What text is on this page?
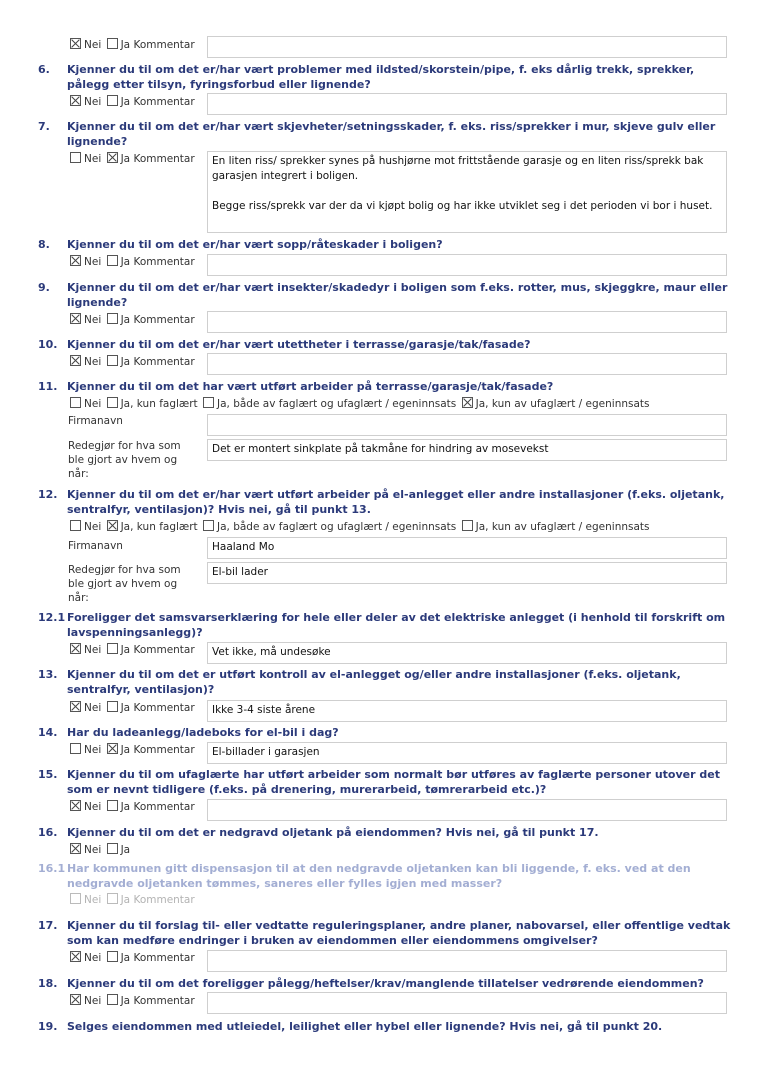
Nei Ja Kommentar
6. Kjenner du til om det er/har vært problemer med ildsted/skorstein/pipe, f. eks dårlig trekk, sprekker, pålegg etter tilsyn, fyringsforbud eller lignende?
Nei Ja Kommentar
7. Kjenner du til om det er/har vært skjevheter/setningsskader, f. eks. riss/sprekker i mur, skjeve gulv eller lignende?
Nei Ja Kommentar En liten riss/ sprekker synes på hushjørne mot frittstående garasje og en liten riss/sprekk bak garasjen integrert i boligen.

Begge riss/sprekk var der da vi kjøpt bolig og har ikke utviklet seg i det perioden vi bor i huset.

8. Kjenner du til om det er/har vært sopp/råteskader i boligen?
Nei Ja Kommentar
9. Kjenner du til om det er/har vært insekter/skadedyr i boligen som f.eks. rotter, mus, skjeggkre, maur eller lignende?
Nei Ja Kommentar
10. Kjenner du til om det er/har vært utettheter i terrasse/garasje/tak/fasade?
Nei Ja Kommentar
11. Kjenner du til om det har vært utført arbeider på terrasse/garasje/tak/fasade?
Nei Ja, kun faglært Ja, både av faglært og ufaglært / egeninnsats Ja, kun av ufaglært / egeninnsats
Firmanavn
Redegjør for hva som ble gjort av hvem og når:
Det er montert sinkplate på takmåne for hindring av mosevekst
12. Kjenner du til om det er/har vært utført arbeider på el-anlegget eller andre installasjoner (f.eks. oljetank, sentralfyr, ventilasjon)? Hvis nei, gå til punkt 13.
Nei Ja, kun faglært Ja, både av faglært og ufaglært / egeninnsats Ja, kun av ufaglært / egeninnsats
Firmanavn	Haaland Mo
Redegjør for hva som ble gjort av hvem og når:
El-bil lader
12.1 Foreligger det samsvarserklæring for hele eller deler av det elektriske anlegget (i henhold til forskrift om lavspenningsanlegg)?
Nei Ja Kommentar	Vet ikke, må undesøke
13. Kjenner du til om det er utført kontroll av el-anlegget og/eller andre installasjoner (f.eks. oljetank, sentralfyr, ventilasjon)?
Nei Ja Kommentar	Ikke 3-4 siste årene
14. Har du ladeanlegg/ladeboks for el-bil i dag?
Nei Ja Kommentar	El-billader i garasjen
15. Kjenner du til om ufaglærte har utført arbeider som normalt bør utføres av faglærte personer utover det som er nevnt tidligere (f.eks. på drenering, murerarbeid, tømrerarbeid etc.)?
Nei Ja Kommentar
16. Kjenner du til om det er nedgravd oljetank på eiendommen? Hvis nei, gå til punkt 17.
Nei Ja
16.1 Har kommunen gitt dispensasjon til at den nedgravde oljetanken kan bli liggende, f. eks. ved at den nedgravde oljetanken tømmes, saneres eller fylles igjen med masser?
Nei Ja Kommentar
17. Kjenner du til forslag til- eller vedtatte reguleringsplaner, andre planer, nabovarsel, eller offentlige vedtak som kan medføre endringer i bruken av eiendommen eller eiendommens omgivelser?
Nei Ja Kommentar
18. Kjenner du til om det foreligger pålegg/heftelser/krav/manglende tillatelser vedrørende eiendommen?
Nei Ja Kommentar
19. Selges eiendommen med utleiedel, leilighet eller hybel eller lignende? Hvis nei, gå til punkt 20.
